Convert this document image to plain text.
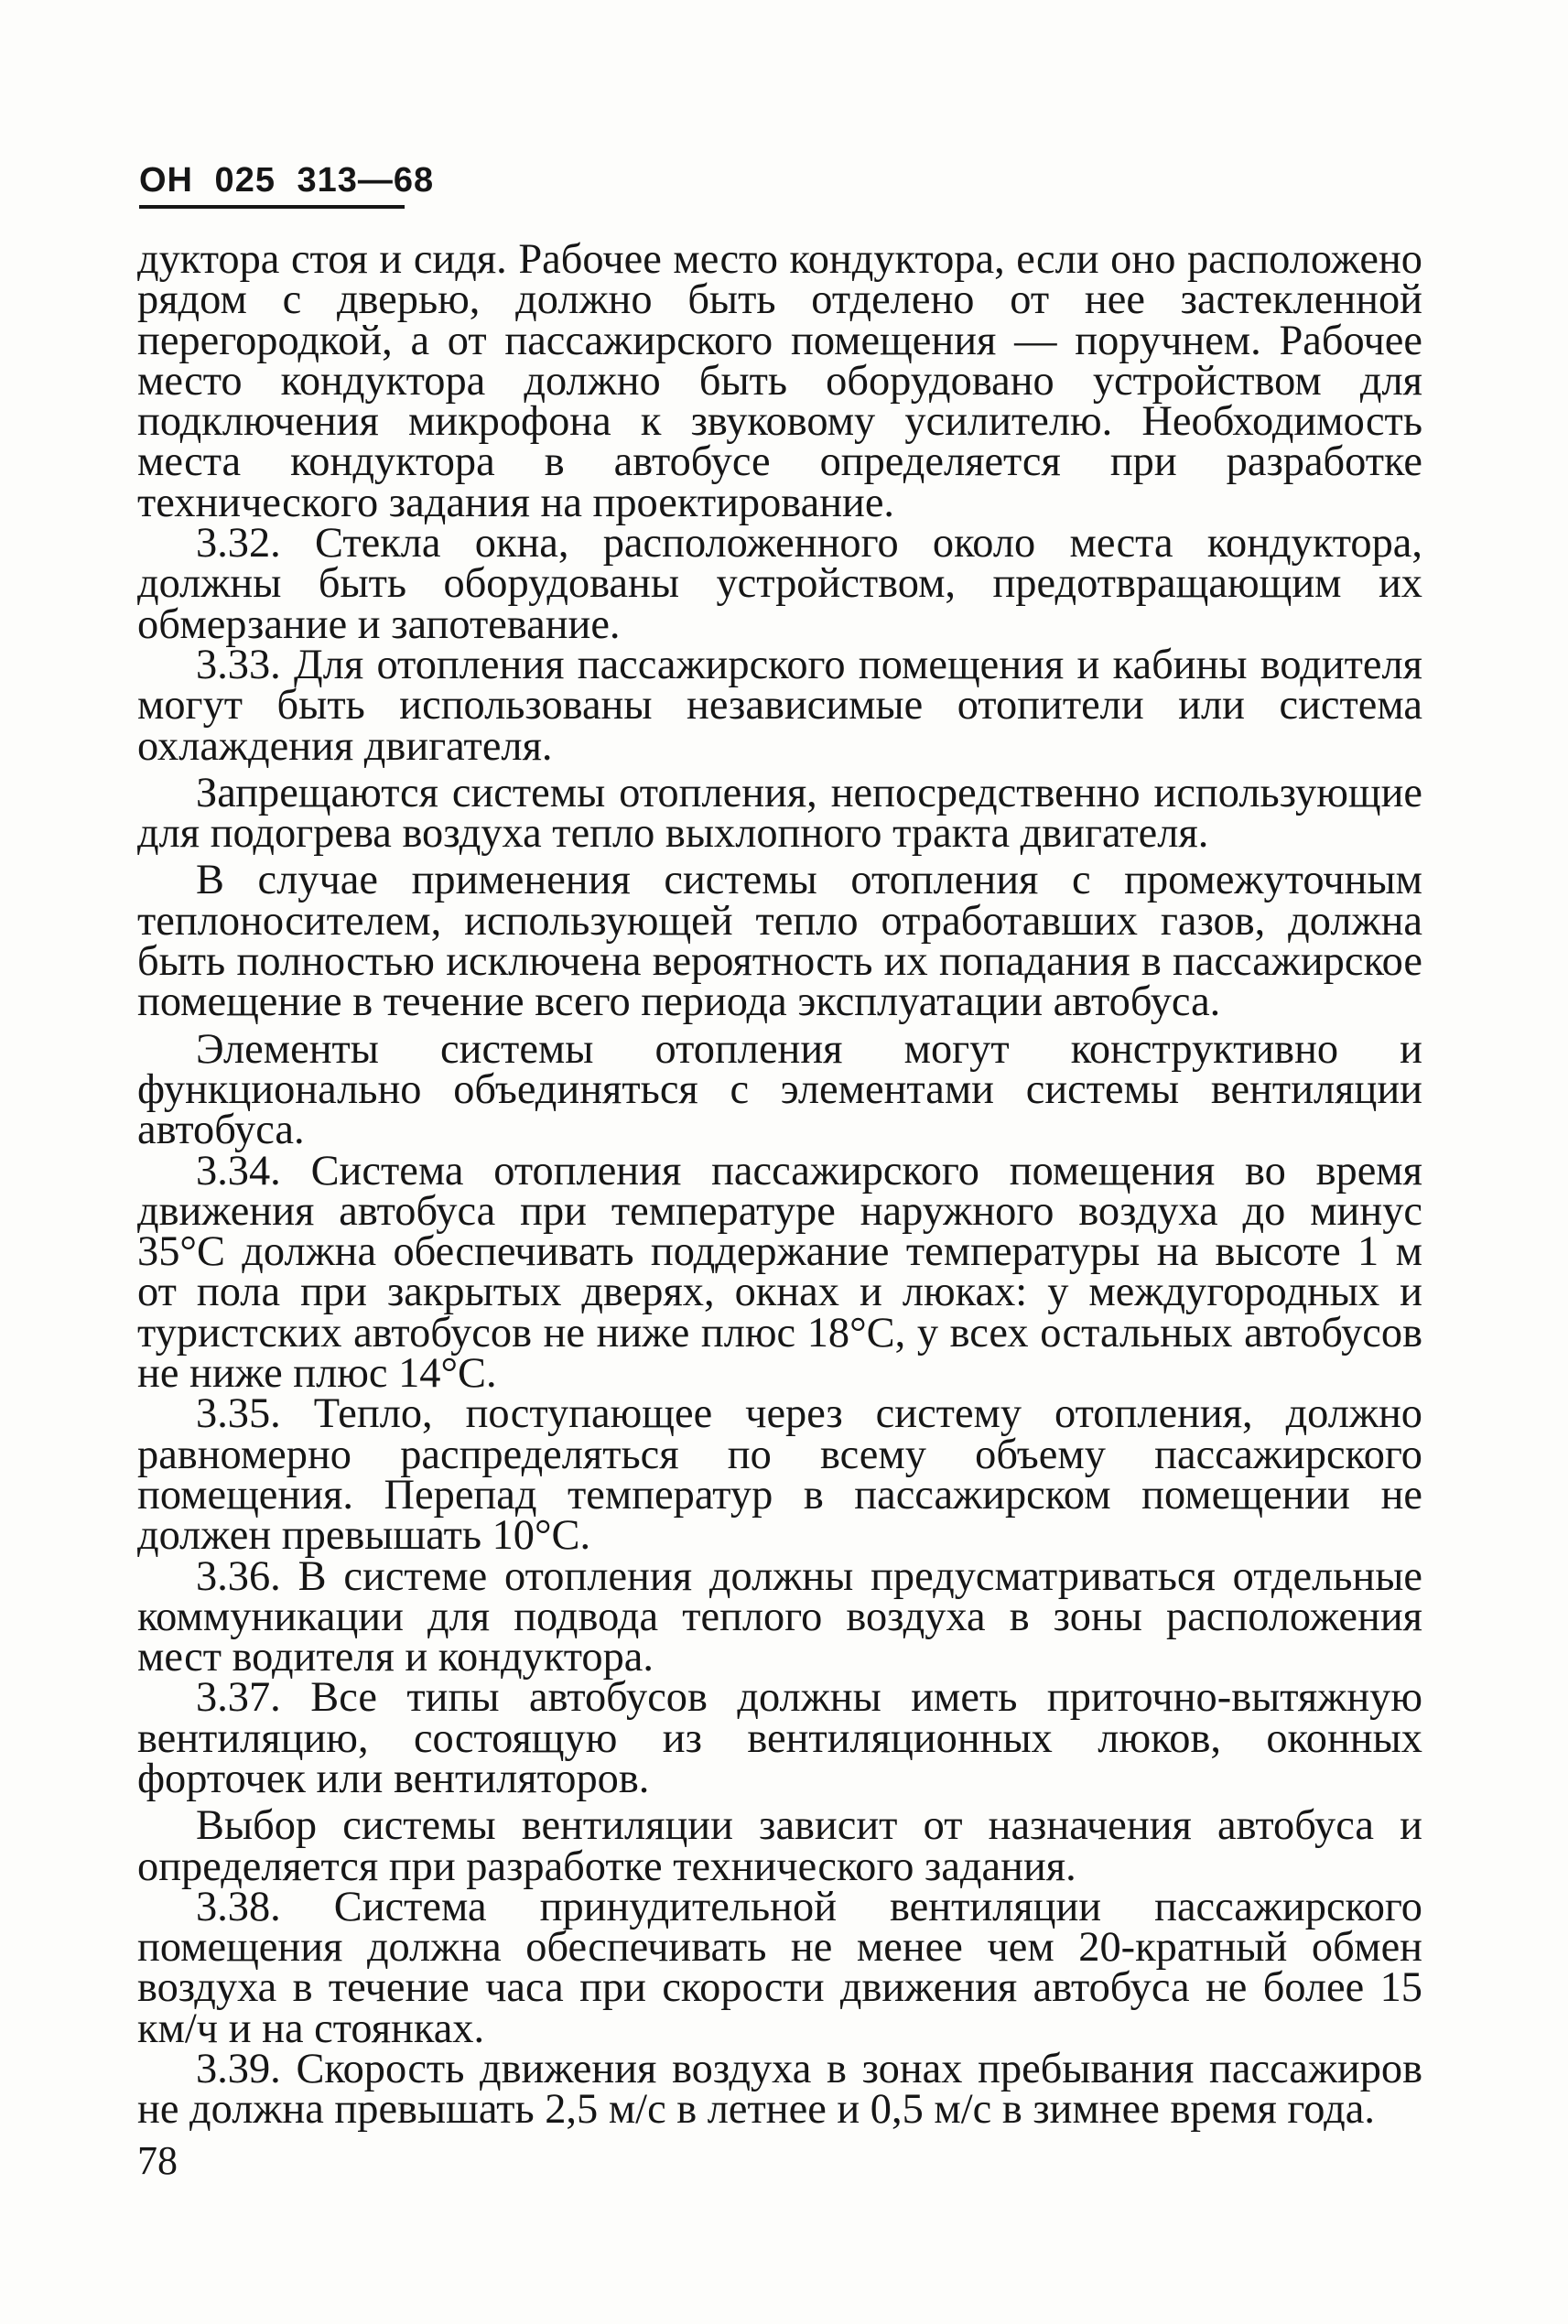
ОН 025 313—68

дуктора стоя и сидя. Рабочее место кондуктора, если оно расположено рядом с дверью, должно быть отделено от нее застекленной перегородкой, а от пассажирского помещения — поручнем. Рабочее место кондуктора должно быть оборудовано устройством для подключения микрофона к звуковому усилителю. Необходимость места кондуктора в автобусе определяется при разработке технического задания на проектирование.

3.32. Стекла окна, расположенного около места кондуктора, должны быть оборудованы устройством, предотвращающим их обмерзание и запотевание.

3.33. Для отопления пассажирского помещения и кабины водителя могут быть использованы независимые отопители или система охлаждения двигателя.

Запрещаются системы отопления, непосредственно использующие для подогрева воздуха тепло выхлопного тракта двигателя.

В случае применения системы отопления с промежуточным теплоносителем, использующей тепло отработавших газов, должна быть полностью исключена вероятность их попадания в пассажирское помещение в течение всего периода эксплуатации автобуса.

Элементы системы отопления могут конструктивно и функционально объединяться с элементами системы вентиляции автобуса.

3.34. Система отопления пассажирского помещения во время движения автобуса при температуре наружного воздуха до минус 35°С должна обеспечивать поддержание температуры на высоте 1 м от пола при закрытых дверях, окнах и люках: у междугородных и туристских автобусов не ниже плюс 18°С, у всех остальных автобусов не ниже плюс 14°С.

3.35. Тепло, поступающее через систему отопления, должно равномерно распределяться по всему объему пассажирского помещения. Перепад температур в пассажирском помещении не должен превышать 10°С.

3.36. В системе отопления должны предусматриваться отдельные коммуникации для подвода теплого воздуха в зоны расположения мест водителя и кондуктора.

3.37. Все типы автобусов должны иметь приточно-вытяжную вентиляцию, состоящую из вентиляционных люков, оконных форточек или вентиляторов.

Выбор системы вентиляции зависит от назначения автобуса и определяется при разработке технического задания.

3.38. Система принудительной вентиляции пассажирского помещения должна обеспечивать не менее чем 20-кратный обмен воздуха в течение часа при скорости движения автобуса не более 15 км/ч и на стоянках.

3.39. Скорость движения воздуха в зонах пребывания пассажиров не должна превышать 2,5 м/с в летнее и 0,5 м/с в зимнее время года.

78
